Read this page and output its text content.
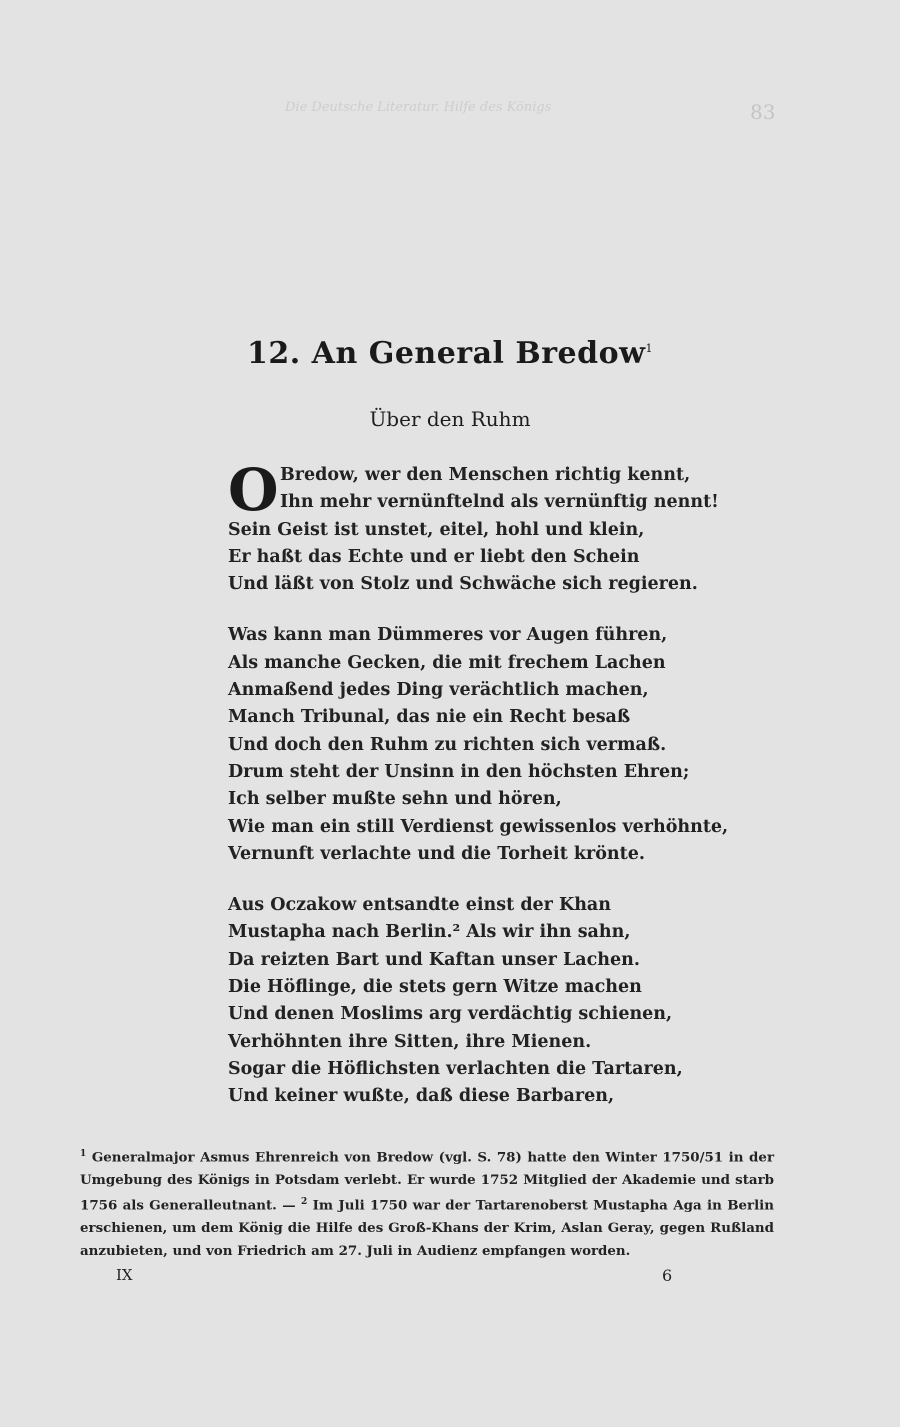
Die Deutsche Literatur. Hilfe des Königs	83
12. An General Bredow$^1$
Über den Ruhm
O Bredow, wer den Menschen richtig kennt,
Ihn mehr vernünftelnd als vernünftig nennt!
Sein Geist ist unstet, eitel, hohl und klein,
Er haßt das Echte und er liebt den Schein
Und läßt von Stolz und Schwäche sich regieren.
Was kann man Dümmeres vor Augen führen,
Als manche Gecken, die mit frechem Lachen
Anmaßend jedes Ding verächtlich machen,
Manch Tribunal, das nie ein Recht besaß
Und doch den Ruhm zu richten sich vermaß.
Drum steht der Unsinn in den höchsten Ehren;
Ich selber mußte sehn und hören,
Wie man ein still Verdienst gewissenlos verhöhnte,
Vernunft verlachte und die Torheit krönte.
Aus Oczakow entsandte einst der Khan
Mustapha nach Berlin.² Als wir ihn sahn,
Da reizten Bart und Kaftan unser Lachen.
Die Höflinge, die stets gern Witze machen
Und denen Moslims arg verdächtig schienen,
Verhöhnten ihre Sitten, ihre Mienen.
Sogar die Höflichsten verlachten die Tartaren,
Und keiner wußte, daß diese Barbaren,
$^1$ Generalmajor Asmus Ehrenreich von Bredow (vgl. S. 78) hatte den Winter 1750/51 in der Umgebung des Königs in Potsdam verlebt. Er wurde 1752 Mitglied der Akademie und starb 1756 als Generalleutnant. — $^2$ Im Juli 1750 war der Tartarenoberst Mustapha Aga in Berlin erschienen, um dem König die Hilfe des Groß-Khans der Krim, Aslan Geray, gegen Rußland anzubieten, und von Friedrich am 27. Juli in Audienz empfangen worden.
IX	6
